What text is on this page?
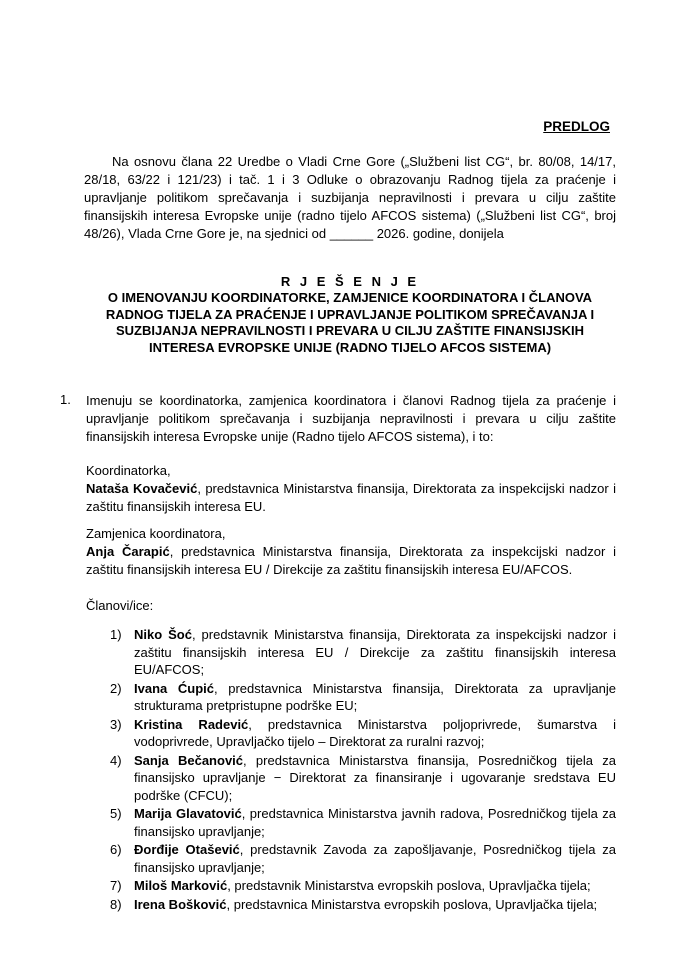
PREDLOG
Na osnovu člana 22 Uredbe o Vladi Crne Gore („Službeni list CG“, br. 80/08, 14/17, 28/18, 63/22 i 121/23) i tač. 1 i 3 Odluke o obrazovanju Radnog tijela za praćenje i upravljanje politikom sprečavanja i suzbijanja nepravilnosti i prevara u cilju zaštite finansijskih interesa Evropske unije (radno tijelo AFCOS sistema) („Službeni list CG“, broj 48/26), Vlada Crne Gore je, na sjednici od ______ 2026. godine, donijela
R J E Š E N J E
O IMENOVANJU KOORDINATORKE, ZAMJENICE KOORDINATORA I ČLANOVA RADNOG TIJELA ZA PRAĆENJE I UPRAVLJANJE POLITIKOM SPREČAVANJA I SUZBIJANJA NEPRAVILNOSTI I PREVARA U CILJU ZAŠTITE FINANSIJSKIH INTERESA EVROPSKE UNIJE (RADNO TIJELO AFCOS SISTEMA)
1. Imenuju se koordinatorka, zamjenica koordinatora i članovi Radnog tijela za praćenje i upravljanje politikom sprečavanja i suzbijanja nepravilnosti i prevara u cilju zaštite finansijskih interesa Evropske unije (Radno tijelo AFCOS sistema), i to:
Koordinatorka,
Nataša Kovačević, predstavnica Ministarstva finansija, Direktorata za inspekcijski nadzor i zaštitu finansijskih interesa EU.
Zamjenica koordinatora,
Anja Čarapić, predstavnica Ministarstva finansija, Direktorata za inspekcijski nadzor i zaštitu finansijskih interesa EU / Direkcije za zaštitu finansijskih interesa EU/AFCOS.
Članovi/ice:
1) Niko Šoć, predstavnik Ministarstva finansija, Direktorata za inspekcijski nadzor i zaštitu finansijskih interesa EU / Direkcije za zaštitu finansijskih interesa EU/AFCOS;
2) Ivana Ćupić, predstavnica Ministarstva finansija, Direktorata za upravljanje strukturama pretpristupne podrške EU;
3) Kristina Radević, predstavnica Ministarstva poljoprivrede, šumarstva i vodoprivrede, Upravljačko tijelo – Direktorat za ruralni razvoj;
4) Sanja Bečanović, predstavnica Ministarstva finansija, Posredničkog tijela za finansijsko upravljanje − Direktorat za finansiranje i ugovaranje sredstava EU podrške (CFCU);
5) Marija Glavatović, predstavnica Ministarstva javnih radova, Posredničkog tijela za finansijsko upravljanje;
6) Đorđije Otašević, predstavnik Zavoda za zapošljavanje, Posredničkog tijela za finansijsko upravljanje;
7) Miloš Marković, predstavnik Ministarstva evropskih poslova, Upravljačka tijela;
8) Irena Bošković, predstavnica Ministarstva evropskih poslova, Upravljačka tijela;
